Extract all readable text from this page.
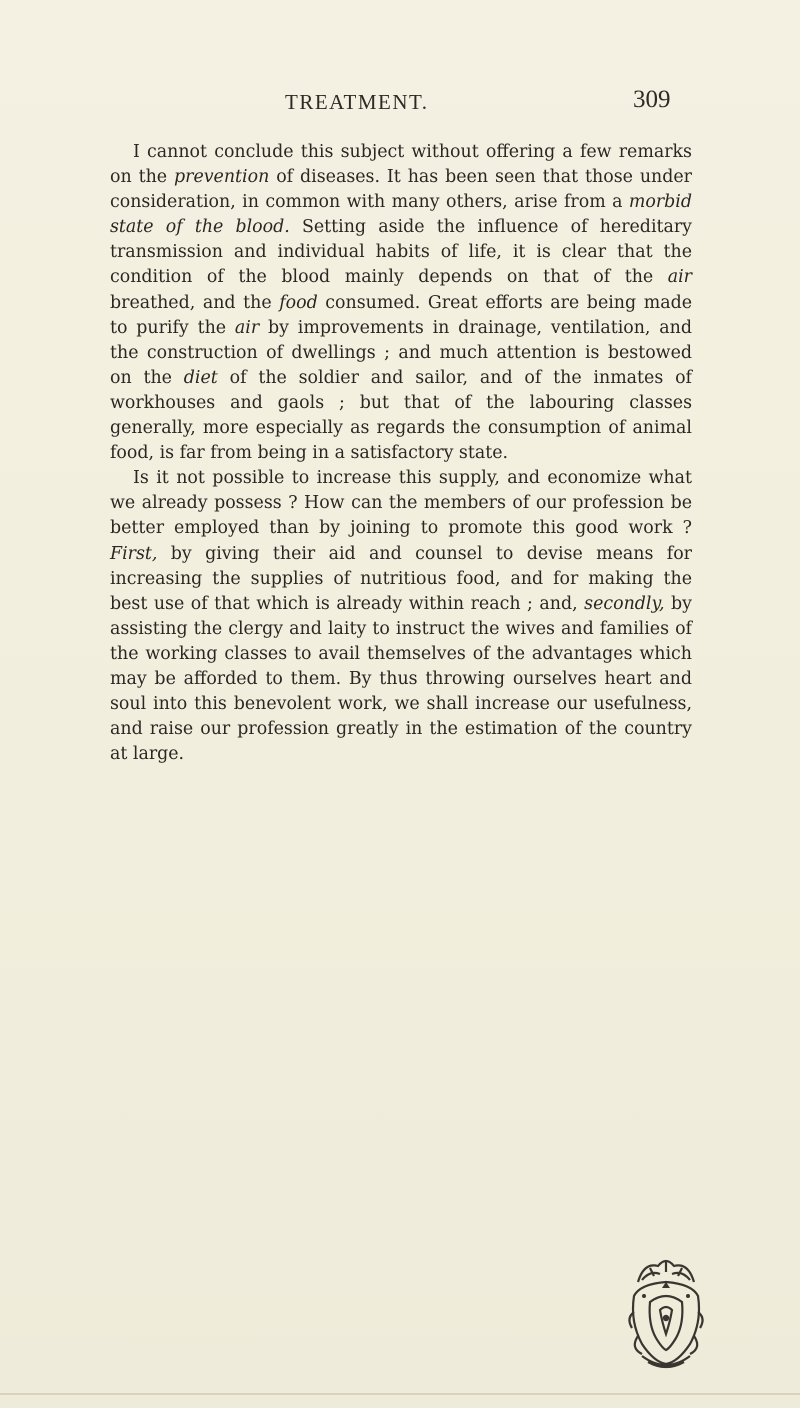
TREATMENT.	309

I cannot conclude this subject without offering a few remarks on the prevention of diseases. It has been seen that those under consideration, in common with many others, arise from a morbid state of the blood. Setting aside the influence of hereditary transmission and individual habits of life, it is clear that the condition of the blood mainly depends on that of the air breathed, and the food consumed. Great efforts are being made to purify the air by improvements in drainage, ventilation, and the construction of dwellings ; and much attention is bestowed on the diet of the soldier and sailor, and of the inmates of workhouses and gaols ; but that of the labouring classes generally, more especially as regards the consumption of animal food, is far from being in a satisfactory state.

Is it not possible to increase this supply, and economize what we already possess ? How can the members of our profession be better employed than by joining to promote this good work ? First, by giving their aid and counsel to devise means for increasing the supplies of nutritious food, and for making the best use of that which is already within reach ; and, secondly, by assisting the clergy and laity to instruct the wives and families of the working classes to avail themselves of the advantages which may be afforded to them. By thus throwing ourselves heart and soul into this benevolent work, we shall increase our usefulness, and raise our profession greatly in the estimation of the country at large.
